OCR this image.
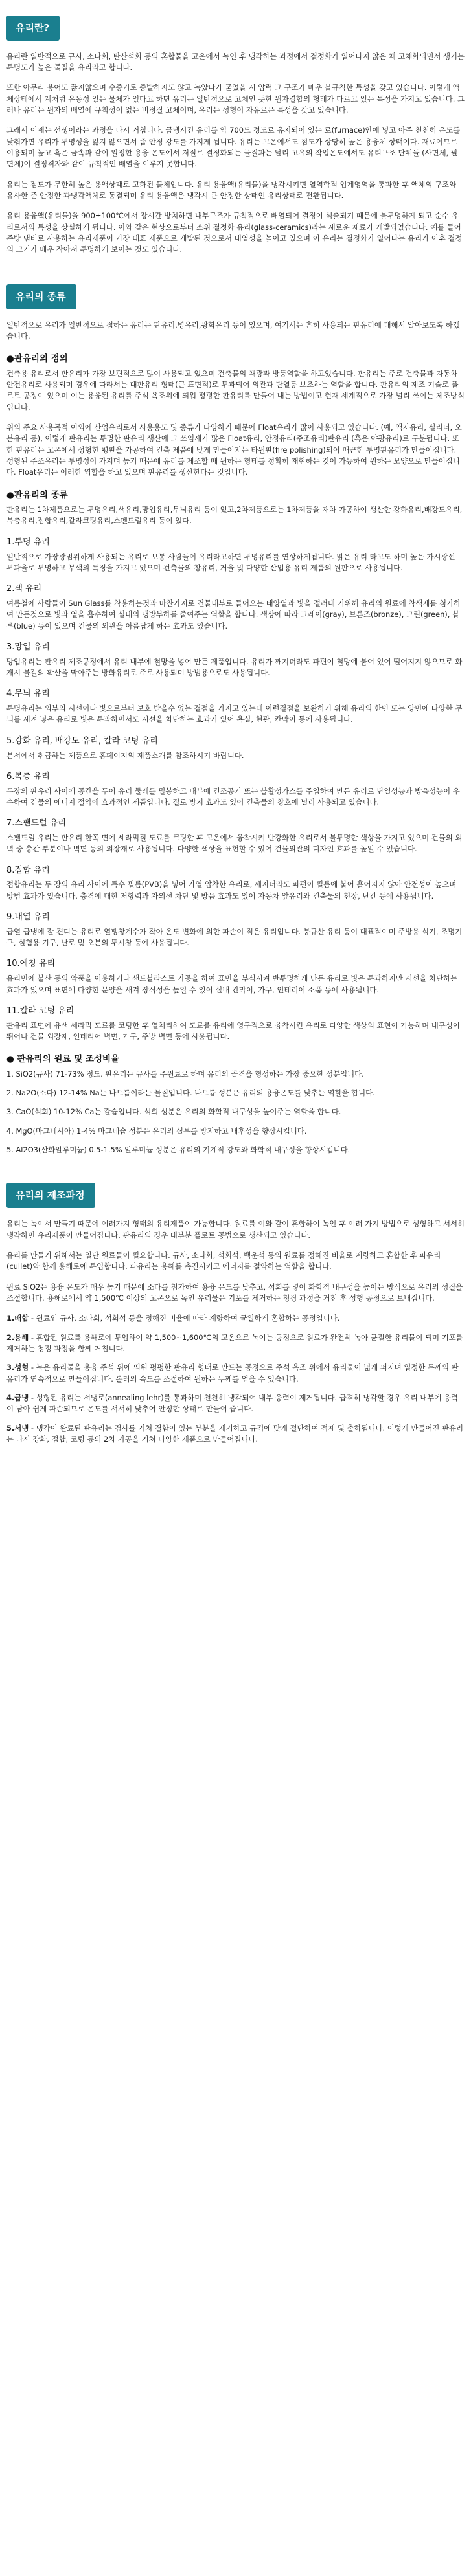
유리란?

유리란 일반적으로 규사, 소다회, 탄산석회 등의 혼합물을 고온에서 녹인 후 냉각하는 과정에서 결정화가 일어나지 않은 채 고체화되면서 생기는 투명도가 높은 물질을 유리라고 합니다.

또한 아무리 용어도 끓지않으며 수증기로 증발하지도 않고 녹았다가 굳었을 시 압력 그 구조가 매우 불규칙한 특성을 갖고 있습니다. 이렇게 액체상태에서 계처럼 유동성 있는 물체가 있다고 하면 유리는 일반적으로 고체인 듯한 원자결합의 형태가 다르고 있는 특성을 가지고 있습니다. 그러나 유리는 원자의 배열에 규칙성이 없는 비정질 고체이며, 유리는 성형이 자유로운 특성을 갖고 있습니다.

그래서 이제는 선생이라는 과정을 다시 거칩니다. 급냉시킨 유리를 약 700도 정도로 유지되어 있는 로(furnace)안에 넣고 아주 천천히 온도를 낮춰가면 유리가 투명성을 잃지 않으면서 좀 안정 강도를 가지게 됩니다. 유리는 고온에서도 점도가 상당히 높은 용융체 상태이다. 재료이므로 이용되며 높고 혹은 금속과 같이 일정한 용융 온도에서 저절로 결정화되는 물질과는 달리 고유의 작업온도에서도 유리구조 단위들 (사면체, 팔면체)이 결정격자와 같이 규칙적인 배열을 이루지 못합니다.

유리는 점도가 무한히 높은 용액상태로 고화된 물체입니다. 유리 용융액(유리물)을 냉각시키면 열역학적 입계영역을 통과한 후 액체의 구조와 유사한 준 안정한 과냉각액체로 동결되며 유리 용융액은 냉각시 큰 안정한 상태인 유리상태로 전환됩니다.

유리 용융액(유리물)을 900±100℃에서 장시간 방치하면 내부구조가 규칙적으로 배열되어 결정이 석출되기 때문에 불투명하게 되고 순수 유리로서의 특성을 상실하게 됩니다. 이와 같은 현상으로부터 소위 결정화 유리(glass-ceramics)라는 새로운 재료가 개발되었습니다. 예를 들어 주방 냄비로 사용하는 유리제품이 가장 대표 제품으로 개발된 것으로서 내열성을 높이고 있으며 이 유리는 결정화가 일어나는 유리가 이후 결정의 크기가 매우 작아서 투명하게 보이는 것도 있습니다.

유리의 종류

일반적으로 유리가 일반적으로 접하는 유리는 판유리,병유리,광학유리 등이 있으며, 여기서는 흔히 사용되는 판유리에 대해서 알아보도록 하겠습니다.

●판유리의 정의

건축용 유리로서 판유리가 가장 보편적으로 많이 사용되고 있으며 건축물의 채광과 방풍역할을 하고있습니다. 판유리는 주로 건축물과 자동차 안전유리로 사용되며 경우에 따라서는 대판유리 형태(큰 표면적)로 투과되어 외관과 단열등 보조하는 역할을 합니다. 판유리의 제조 기술로 플로트 공정이 있으며 이는 용융된 유리를 주석 욕조위에 띄워 평평한 판유리를 만들어 내는 방법이고 현재 세계적으로 가장 널리 쓰이는 제조방식입니다.

위의 주요 사용목적 이외에 산업유리로서 사용용도 및 종류가 다양하기 때문에 Float유리가 많이 사용되고 있습니다. (예, 액자유리, 실리더, 오븐유리 등), 이렇게 판유리는 투명한 판유리 생산에 그 쓰임새가 많은 Float유리, 안정유리(주조유리)판유리 (혹은 야광유리)로 구분됩니다. 또한 판유리는 고온에서 성형한 평판을 가공하여 건축 제품에 맞게 만들어지는 타원판(fire polishing)되어 매끈한 투명판유리가 만들어집니다. 성형된 주조유리는 투명성이 가지며 높기 때문에 유리를 제조할 때 원하는 형태를 정확히 재현하는 것이 가능하여 원하는 모양으로 만들어집니다. Float유리는 이러한 역할을 하고 있으며 판유리를 생산한다는 것입니다.

●판유리의 종류

판유리는 1차제품으로는 투명유리,색유리,망입유리,무늬유리 등이 있고,2차제품으로는 1차제품을 재차 가공하여 생산한 강화유리,배강도유리,복층유리,접합유리,칼라코팅유리,스펜드럴유리 등이 있다.

1.투명 유리

일반적으로 가장광범위하게 사용되는 유리로 보통 사람들이 유리라고하면 투명유리를 연상하게됩니다. 맑은 유리 라고도 하며 높은 가시광선 투과율로 투명하고 무색의 특징을 가지고 있으며 건축물의 창유리, 거울 및 다양한 산업용 유리 제품의 원판으로 사용됩니다.

2.색 유리

여름철에 사람들이 Sun Glass를 착용하는것과 마찬가지로 건물내부로 들어오는 태양열과 빛을 걸러내 기위해 유리의 원료에 착색제를 첨가하여 만든것으로 빛과 열을 흡수하여 실내의 냉방부하를 줄여주는 역할을 합니다. 색상에 따라 그레이(gray), 브론즈(bronze), 그린(green), 블루(blue) 등이 있으며 건물의 외관을 아름답게 하는 효과도 있습니다.

3.망입 유리

망입유리는 판유리 제조공정에서 유리 내부에 철망을 넣어 만든 제품입니다. 유리가 깨지더라도 파편이 철망에 붙어 있어 떨어지지 않으므로 화재시 불길의 확산을 막아주는 방화유리로 주로 사용되며 방범용으로도 사용됩니다.

4.무늬 유리

투명유리는 외부의 시선이나 빛으로부터 보호 받을수 없는 결점을 가지고 있는데 이런결점을 보완하기 위해 유리의 한면 또는 양면에 다양한 무늬를 새겨 넣은 유리로 빛은 투과하면서도 시선을 차단하는 효과가 있어 욕실, 현관, 칸막이 등에 사용됩니다.

5.강화 유리, 배강도 유리, 칼라 코팅 유리

본서에서 취급하는 제품으로 홈페이지의 제품소개를 참조하시기 바랍니다.

6.복층 유리

두장의 판유리 사이에 공간을 두어 유리 둘레를 밀봉하고 내부에 건조공기 또는 불활성가스를 주입하여 만든 유리로 단열성능과 방음성능이 우수하여 건물의 에너지 절약에 효과적인 제품입니다. 결로 방지 효과도 있어 건축물의 창호에 널리 사용되고 있습니다.

7.스팬드럴 유리

스팬드럴 유리는 판유리 한쪽 면에 세라믹질 도료를 코팅한 후 고온에서 융착시켜 반강화한 유리로서 불투명한 색상을 가지고 있으며 건물의 외벽 중 층간 부분이나 벽면 등의 외장재로 사용됩니다. 다양한 색상을 표현할 수 있어 건물외관의 디자인 효과를 높일 수 있습니다.

8.접합 유리

접합유리는 두 장의 유리 사이에 특수 필름(PVB)을 넣어 가열 압착한 유리로, 깨지더라도 파편이 필름에 붙어 흩어지지 않아 안전성이 높으며 방범 효과가 있습니다. 충격에 대한 저항력과 자외선 차단 및 방음 효과도 있어 자동차 앞유리와 건축물의 천장, 난간 등에 사용됩니다.

9.내열 유리

급열 급냉에 잘 견디는 유리로 열팽창계수가 작아 온도 변화에 의한 파손이 적은 유리입니다. 붕규산 유리 등이 대표적이며 주방용 식기, 조명기구, 실험용 기구, 난로 및 오븐의 투시창 등에 사용됩니다.

10.에칭 유리

유리면에 불산 등의 약품을 이용하거나 샌드블라스트 가공을 하여 표면을 부식시켜 반투명하게 만든 유리로 빛은 투과하지만 시선을 차단하는 효과가 있으며 표면에 다양한 문양을 새겨 장식성을 높일 수 있어 실내 칸막이, 가구, 인테리어 소품 등에 사용됩니다.

11.칼라 코팅 유리

판유리 표면에 유색 세라믹 도료를 코팅한 후 열처리하여 도료를 유리에 영구적으로 융착시킨 유리로 다양한 색상의 표현이 가능하며 내구성이 뛰어나 건물 외장재, 인테리어 벽면, 가구, 주방 벽면 등에 사용됩니다.

● 판유리의 원료 및 조성비율

1. SiO2(규사) 71-73% 정도. 판유리는 규사를 주원료로 하며 유리의 골격을 형성하는 가장 중요한 성분입니다.

2. Na2O(소다) 12-14% Na는 나트륨이라는 물질입니다. 나트륨 성분은 유리의 용융온도를 낮추는 역할을 합니다.

3. CaO(석회) 10-12% Ca는 칼슘입니다. 석회 성분은 유리의 화학적 내구성을 높여주는 역할을 합니다.

4. MgO(마그네시아) 1-4% 마그네슘 성분은 유리의 실투를 방지하고 내후성을 향상시킵니다.

5. Al2O3(산화알루미늄) 0.5-1.5% 알루미늄 성분은 유리의 기계적 강도와 화학적 내구성을 향상시킵니다.

유리의 제조과정

유리는 녹여서 만들기 때문에 여러가지 형태의 유리제품이 가능합니다. 원료를 이와 같이 혼합하여 녹인 후 여러 가지 방법으로 성형하고 서서히 냉각하면 유리제품이 만들어집니다. 판유리의 경우 대부분 플로트 공법으로 생산되고 있습니다.

유리를 만들기 위해서는 일단 원료들이 필요합니다. 규사, 소다회, 석회석, 백운석 등의 원료를 정해진 비율로 계량하고 혼합한 후 파유리(cullet)와 함께 용해로에 투입합니다. 파유리는 용해를 촉진시키고 에너지를 절약하는 역할을 합니다.

원료 SiO2는 용융 온도가 매우 높기 때문에 소다를 첨가하여 용융 온도를 낮추고, 석회를 넣어 화학적 내구성을 높이는 방식으로 유리의 성질을 조절합니다. 용해로에서 약 1,500℃ 이상의 고온으로 녹인 유리물은 기포를 제거하는 청징 과정을 거친 후 성형 공정으로 보내집니다.

1.배합 - 원료인 규사, 소다회, 석회석 등을 정해진 비율에 따라 계량하여 균일하게 혼합하는 공정입니다.

2.용해 - 혼합된 원료를 용해로에 투입하여 약 1,500~1,600℃의 고온으로 녹이는 공정으로 원료가 완전히 녹아 균질한 유리물이 되며 기포를 제거하는 청징 과정을 함께 거칩니다.

3.성형 - 녹은 유리물을 용융 주석 위에 띄워 평평한 판유리 형태로 만드는 공정으로 주석 욕조 위에서 유리물이 넓게 퍼지며 일정한 두께의 판유리가 연속적으로 만들어집니다. 롤러의 속도를 조절하여 원하는 두께를 얻을 수 있습니다.

4.급냉 - 성형된 유리는 서냉로(annealing lehr)를 통과하며 천천히 냉각되어 내부 응력이 제거됩니다. 급격히 냉각할 경우 유리 내부에 응력이 남아 쉽게 파손되므로 온도를 서서히 낮추어 안정한 상태로 만들어 줍니다.

5.서냉 - 냉각이 완료된 판유리는 검사를 거쳐 결함이 있는 부분을 제거하고 규격에 맞게 절단하여 적재 및 출하됩니다. 이렇게 만들어진 판유리는 다시 강화, 접합, 코팅 등의 2차 가공을 거쳐 다양한 제품으로 만들어집니다.
